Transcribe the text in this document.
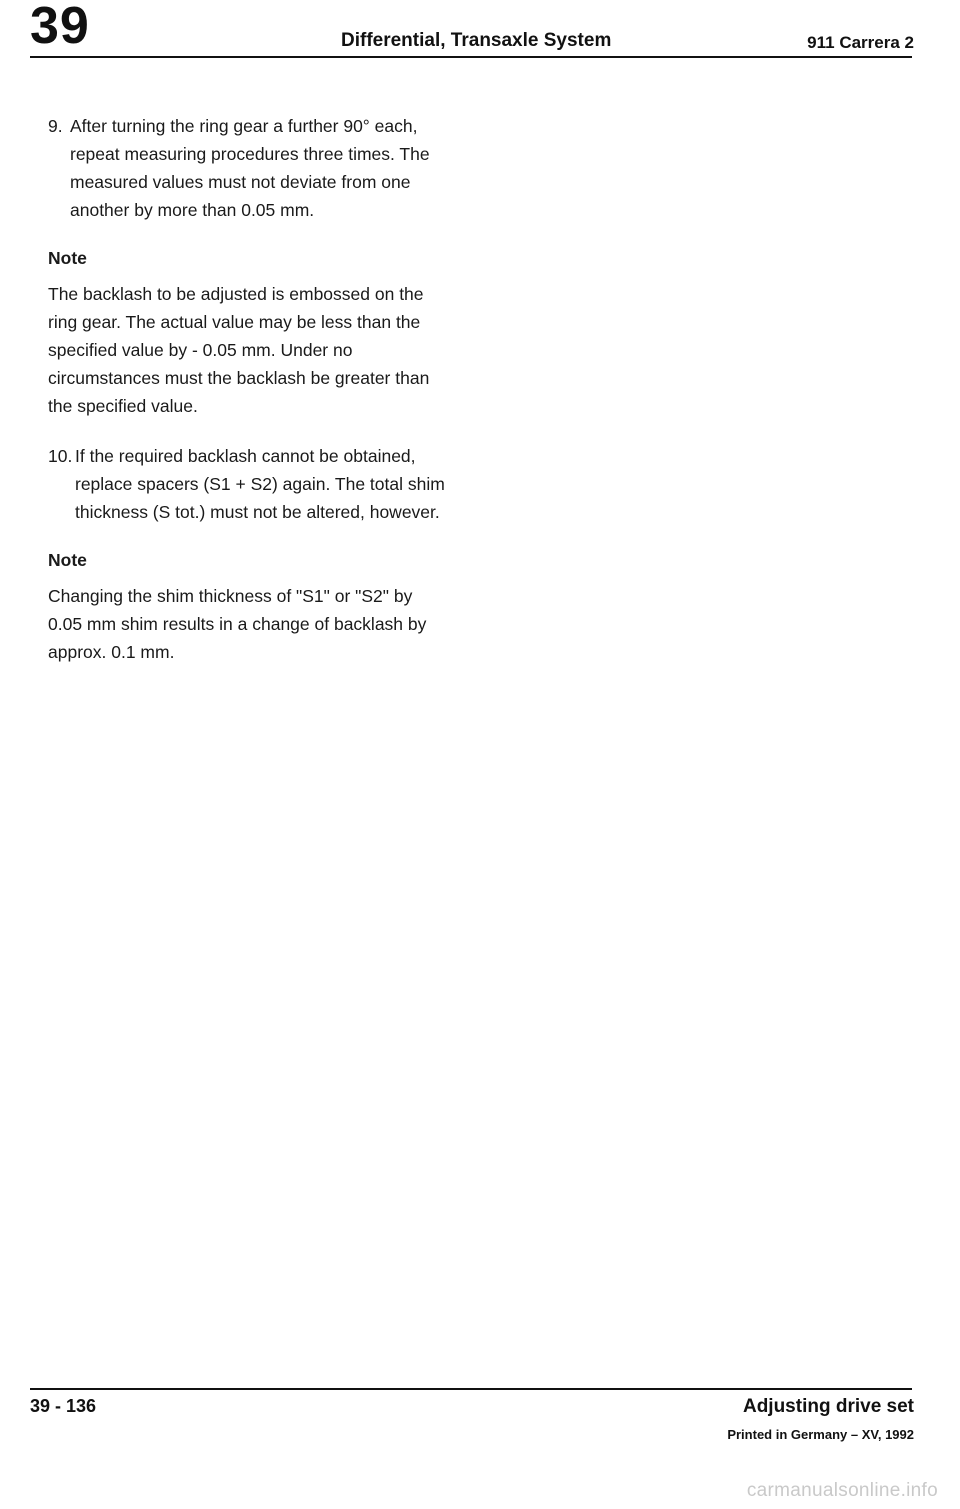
39	Differential, Transaxle System	911 Carrera 2
9. After turning the ring gear a further 90° each, repeat measuring procedures three times. The measured values must not deviate from one another by more than 0.05 mm.
Note
The backlash to be adjusted is embossed on the ring gear. The actual value may be less than the specified value by - 0.05 mm. Under no circumstances must the backlash be greater than the specified value.
10. If the required backlash cannot be obtained, replace spacers (S1 + S2) again. The total shim thickness (S tot.) must not be altered, however.
Note
Changing the shim thickness of "S1" or "S2" by 0.05 mm shim results in a change of backlash by approx. 0.1 mm.
39 - 136	Adjusting drive set
Printed in Germany – XV, 1992
carmanualsonline.info
